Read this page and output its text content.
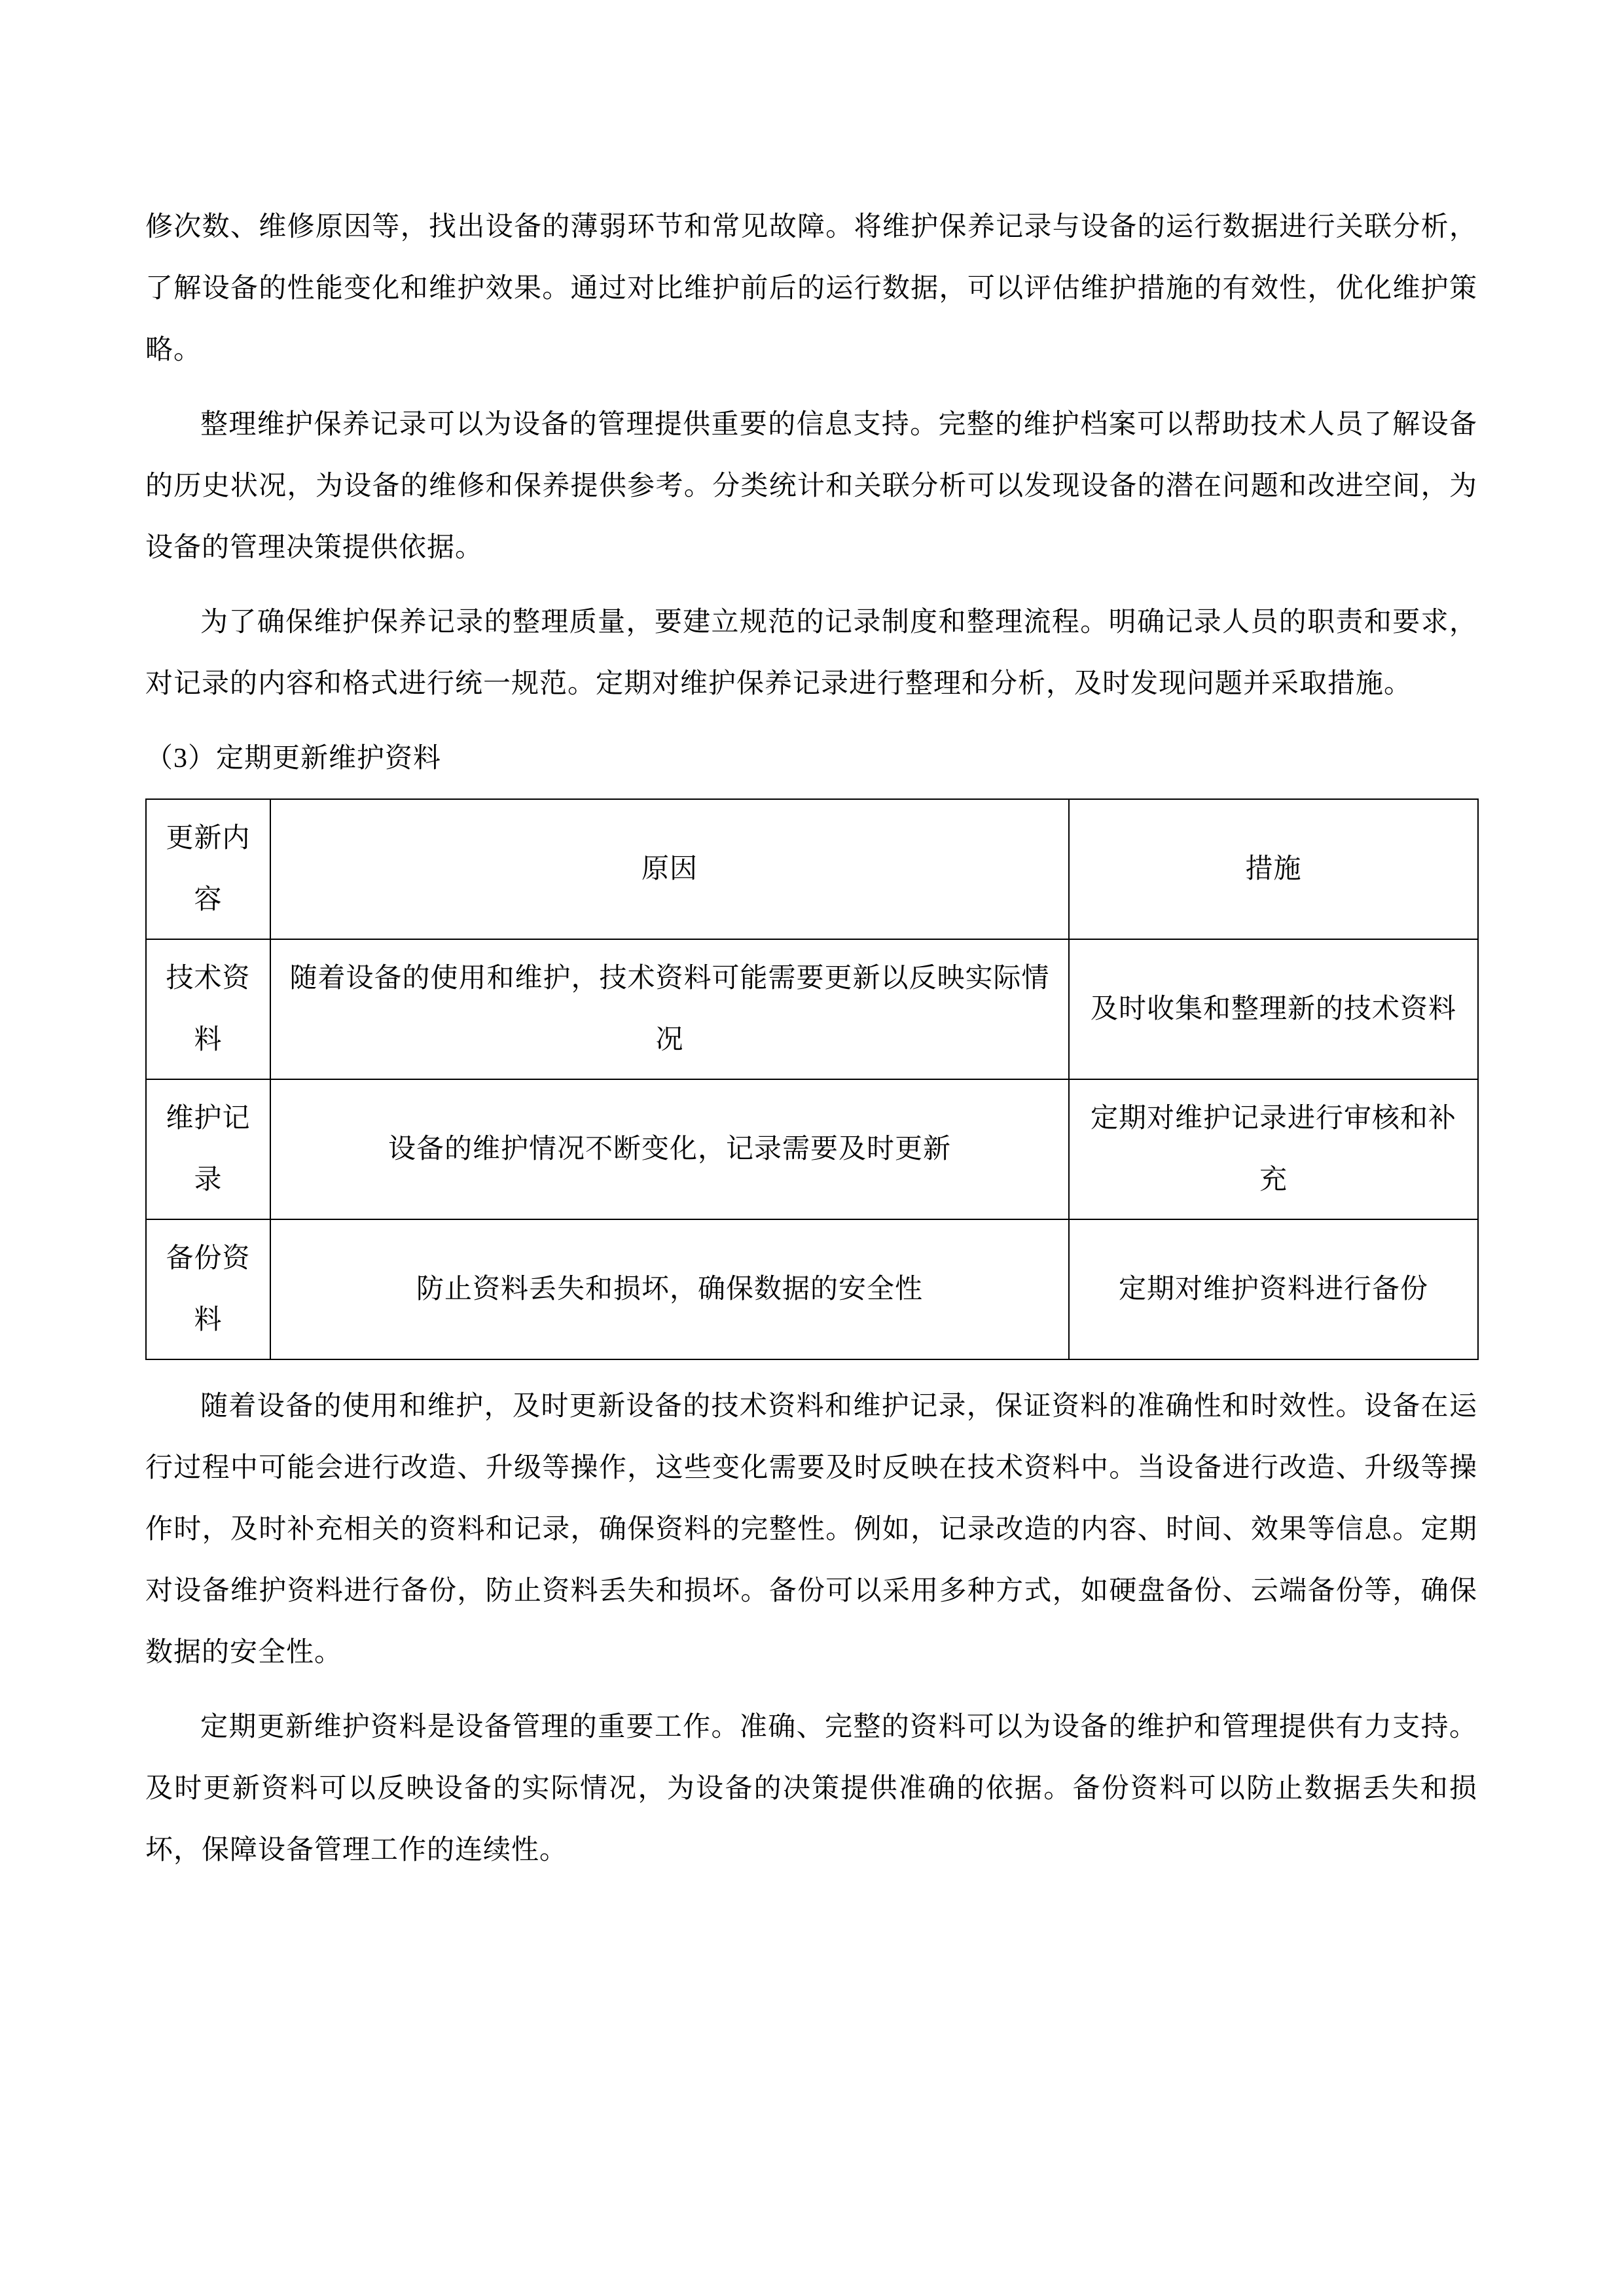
修次数、维修原因等，找出设备的薄弱环节和常见故障。将维护保养记录与设备的运行数据进行关联分析，了解设备的性能变化和维护效果。通过对比维护前后的运行数据，可以评估维护措施的有效性，优化维护策略。

整理维护保养记录可以为设备的管理提供重要的信息支持。完整的维护档案可以帮助技术人员了解设备的历史状况，为设备的维修和保养提供参考。分类统计和关联分析可以发现设备的潜在问题和改进空间，为设备的管理决策提供依据。

为了确保维护保养记录的整理质量，要建立规范的记录制度和整理流程。明确记录人员的职责和要求，对记录的内容和格式进行统一规范。定期对维护保养记录进行整理和分析，及时发现问题并采取措施。

（3）定期更新维护资料
更新内容	原因	措施
技术资料	随着设备的使用和维护，技术资料可能需要更新以反映实际情况	及时收集和整理新的技术资料
维护记录	设备的维护情况不断变化，记录需要及时更新	定期对维护记录进行审核和补充
备份资料	防止资料丢失和损坏，确保数据的安全性	定期对维护资料进行备份

随着设备的使用和维护，及时更新设备的技术资料和维护记录，保证资料的准确性和时效性。设备在运行过程中可能会进行改造、升级等操作，这些变化需要及时反映在技术资料中。当设备进行改造、升级等操作时，及时补充相关的资料和记录，确保资料的完整性。例如，记录改造的内容、时间、效果等信息。定期对设备维护资料进行备份，防止资料丢失和损坏。备份可以采用多种方式，如硬盘备份、云端备份等，确保数据的安全性。

定期更新维护资料是设备管理的重要工作。准确、完整的资料可以为设备的维护和管理提供有力支持。及时更新资料可以反映设备的实际情况，为设备的决策提供准确的依据。备份资料可以防止数据丢失和损坏，保障设备管理工作的连续性。
